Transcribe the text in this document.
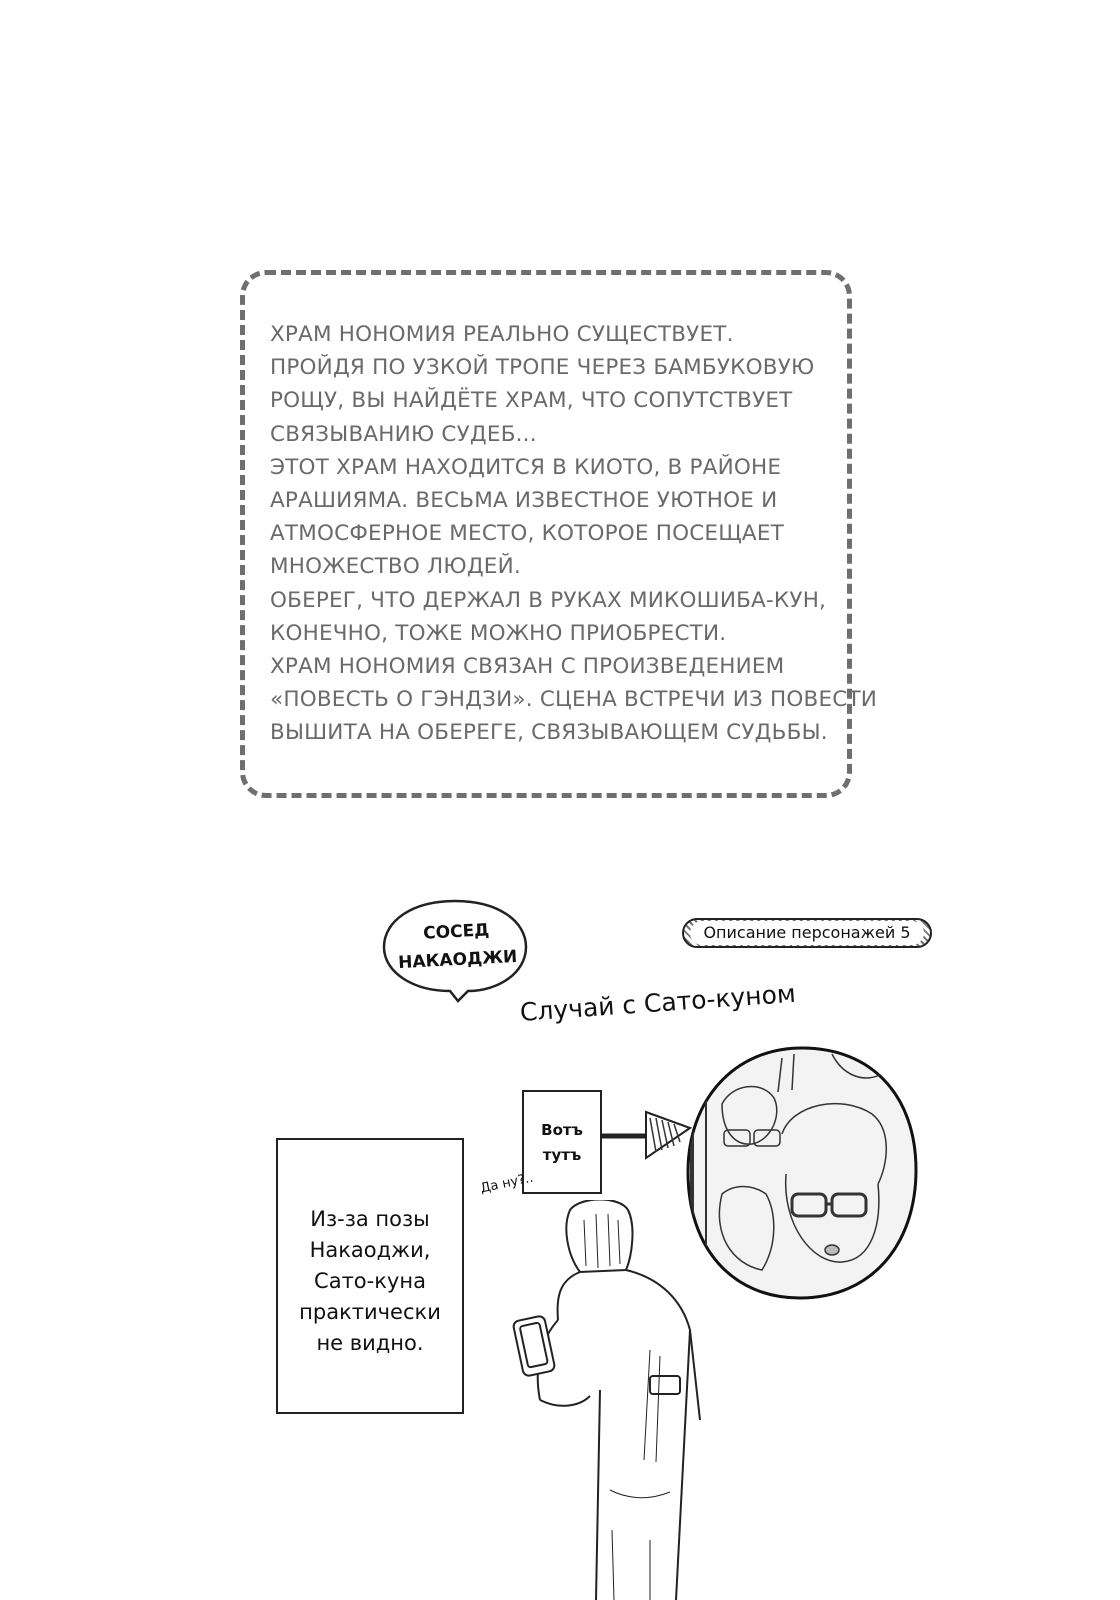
ХРАМ НОНОМИЯ РЕАЛЬНО СУЩЕСТВУЕТ.
ПРОЙДЯ ПО УЗКОЙ ТРОПЕ ЧЕРЕЗ БАМБУКОВУЮ
РОЩУ, ВЫ НАЙДЁТЕ ХРАМ, ЧТО СОПУТСТВУЕТ
СВЯЗЫВАНИЮ СУДЕБ...
ЭТОТ ХРАМ НАХОДИТСЯ В КИОТО, В РАЙОНЕ
АРАШИЯМА. ВЕСЬМА ИЗВЕСТНОЕ УЮТНОЕ И
АТМОСФЕРНОЕ МЕСТО, КОТОРОЕ ПОСЕЩАЕТ
МНОЖЕСТВО ЛЮДЕЙ.
ОБЕРЕГ, ЧТО ДЕРЖАЛ В РУКАХ МИКОШИБА-КУН,
КОНЕЧНО, ТОЖЕ МОЖНО ПРИОБРЕСТИ.
ХРАМ НОНОМИЯ СВЯЗАН С ПРОИЗВЕДЕНИЕМ
«ПОВЕСТЬ О ГЭНДЗИ». СЦЕНА ВСТРЕЧИ ИЗ ПОВЕСТИ
ВЫШИТА НА ОБЕРЕГЕ, СВЯЗЫВАЮЩЕМ СУДЬБЫ.
СОСЕД
НАКАОДЖИ
Описание персонажей 5
Случай с Сато-куном
Вотъ
тутъ
Из-за позы
Накаоджи,
Сато-куна
практически
не видно.
Да ну?..
